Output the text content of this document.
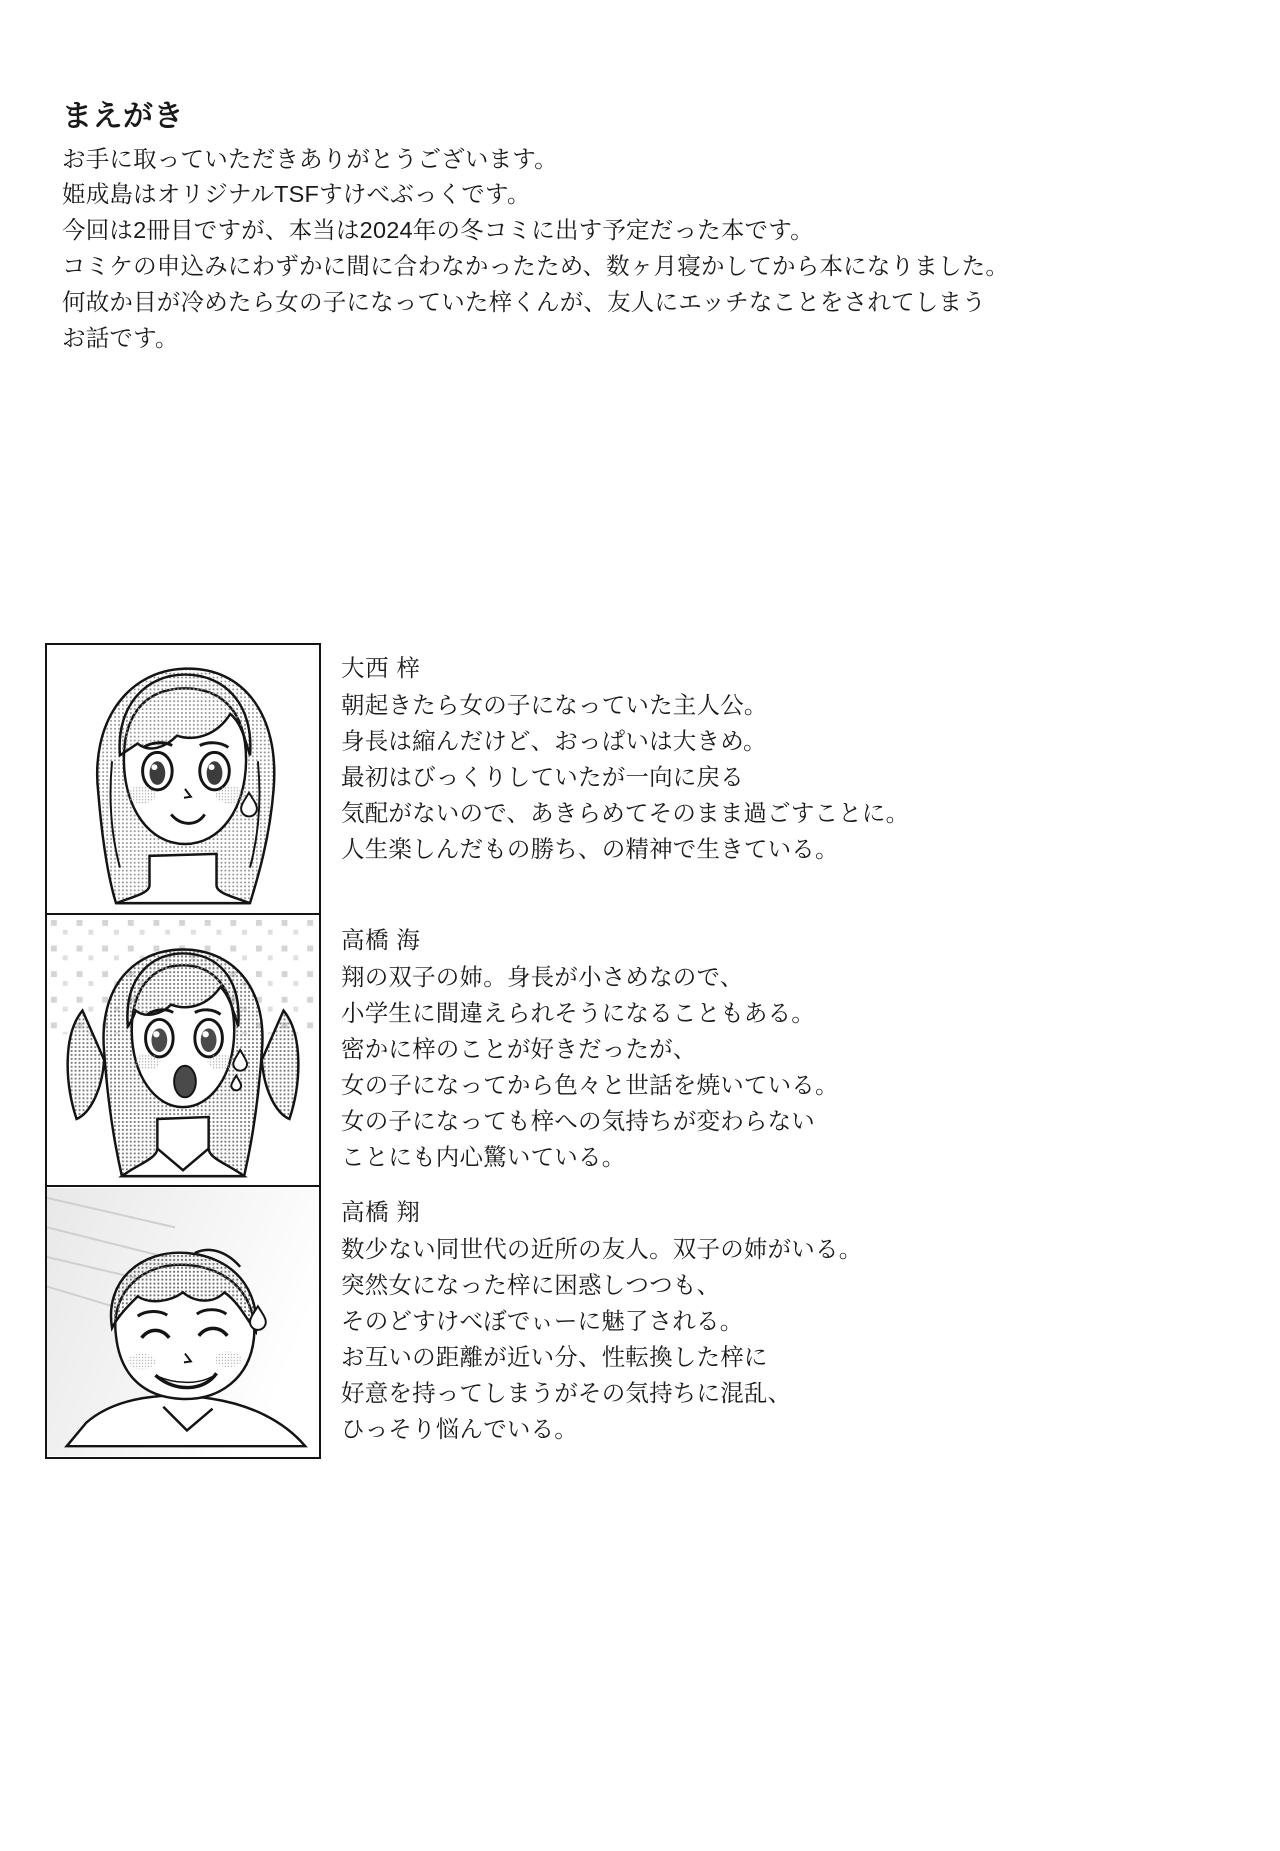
まえがき
お手に取っていただきありがとうございます。
姫成島はオリジナルTSFすけべぶっくです。
今回は2冊目ですが、本当は2024年の冬コミに出す予定だった本です。
コミケの申込みにわずかに間に合わなかったため、数ヶ月寝かしてから本になりました。
何故か目が冷めたら女の子になっていた梓くんが、友人にエッチなことをされてしまう
お話です。
大西 梓
朝起きたら女の子になっていた主人公。
身長は縮んだけど、おっぱいは大きめ。
最初はびっくりしていたが一向に戻る
気配がないので、あきらめてそのまま過ごすことに。
人生楽しんだもの勝ち、の精神で生きている。
高橋 海
翔の双子の姉。身長が小さめなので、
小学生に間違えられそうになることもある。
密かに梓のことが好きだったが、
女の子になってから色々と世話を焼いている。
女の子になっても梓への気持ちが変わらない
ことにも内心驚いている。
高橋 翔
数少ない同世代の近所の友人。双子の姉がいる。
突然女になった梓に困惑しつつも、
そのどすけべぼでぃーに魅了される。
お互いの距離が近い分、性転換した梓に
好意を持ってしまうがその気持ちに混乱、
ひっそり悩んでいる。
